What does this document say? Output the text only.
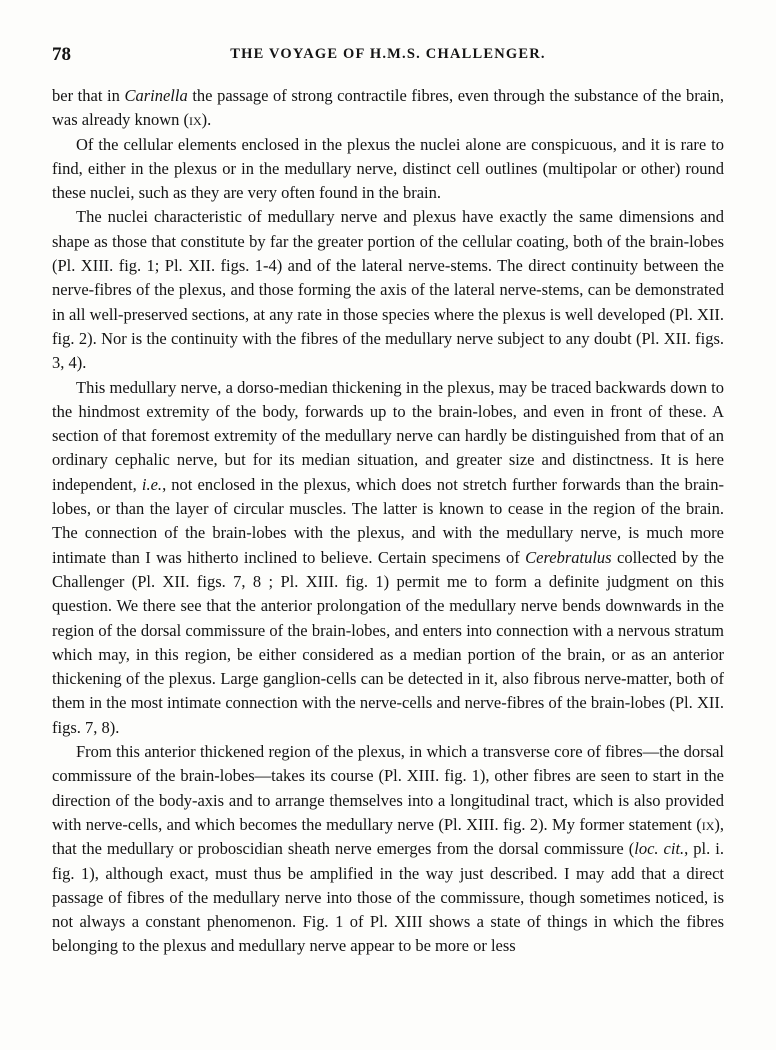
78	THE VOYAGE OF H.M.S. CHALLENGER.

ber that in Carinella the passage of strong contractile fibres, even through the substance of the brain, was already known (ix).

Of the cellular elements enclosed in the plexus the nuclei alone are conspicuous, and it is rare to find, either in the plexus or in the medullary nerve, distinct cell outlines (multipolar or other) round these nuclei, such as they are very often found in the brain.

The nuclei characteristic of medullary nerve and plexus have exactly the same dimensions and shape as those that constitute by far the greater portion of the cellular coating, both of the brain-lobes (Pl. XIII. fig. 1; Pl. XII. figs. 1-4) and of the lateral nerve-stems. The direct continuity between the nerve-fibres of the plexus, and those forming the axis of the lateral nerve-stems, can be demonstrated in all well-preserved sections, at any rate in those species where the plexus is well developed (Pl. XII. fig. 2). Nor is the continuity with the fibres of the medullary nerve subject to any doubt (Pl. XII. figs. 3, 4).

This medullary nerve, a dorso-median thickening in the plexus, may be traced backwards down to the hindmost extremity of the body, forwards up to the brain-lobes, and even in front of these. A section of that foremost extremity of the medullary nerve can hardly be distinguished from that of an ordinary cephalic nerve, but for its median situation, and greater size and distinctness. It is here independent, i.e., not enclosed in the plexus, which does not stretch further forwards than the brain-lobes, or than the layer of circular muscles. The latter is known to cease in the region of the brain. The connection of the brain-lobes with the plexus, and with the medullary nerve, is much more intimate than I was hitherto inclined to believe. Certain specimens of Cerebratulus collected by the Challenger (Pl. XII. figs. 7, 8 ; Pl. XIII. fig. 1) permit me to form a definite judgment on this question. We there see that the anterior prolongation of the medullary nerve bends downwards in the region of the dorsal commissure of the brain-lobes, and enters into connection with a nervous stratum which may, in this region, be either considered as a median portion of the brain, or as an anterior thickening of the plexus. Large ganglion-cells can be detected in it, also fibrous nerve-matter, both of them in the most intimate connection with the nerve-cells and nerve-fibres of the brain-lobes (Pl. XII. figs. 7, 8).

From this anterior thickened region of the plexus, in which a transverse core of fibres—the dorsal commissure of the brain-lobes—takes its course (Pl. XIII. fig. 1), other fibres are seen to start in the direction of the body-axis and to arrange themselves into a longitudinal tract, which is also provided with nerve-cells, and which becomes the medullary nerve (Pl. XIII. fig. 2). My former statement (ix), that the medullary or proboscidian sheath nerve emerges from the dorsal commissure (loc. cit., pl. i. fig. 1), although exact, must thus be amplified in the way just described. I may add that a direct passage of fibres of the medullary nerve into those of the commissure, though sometimes noticed, is not always a constant phenomenon. Fig. 1 of Pl. XIII shows a state of things in which the fibres belonging to the plexus and medullary nerve appear to be more or less
